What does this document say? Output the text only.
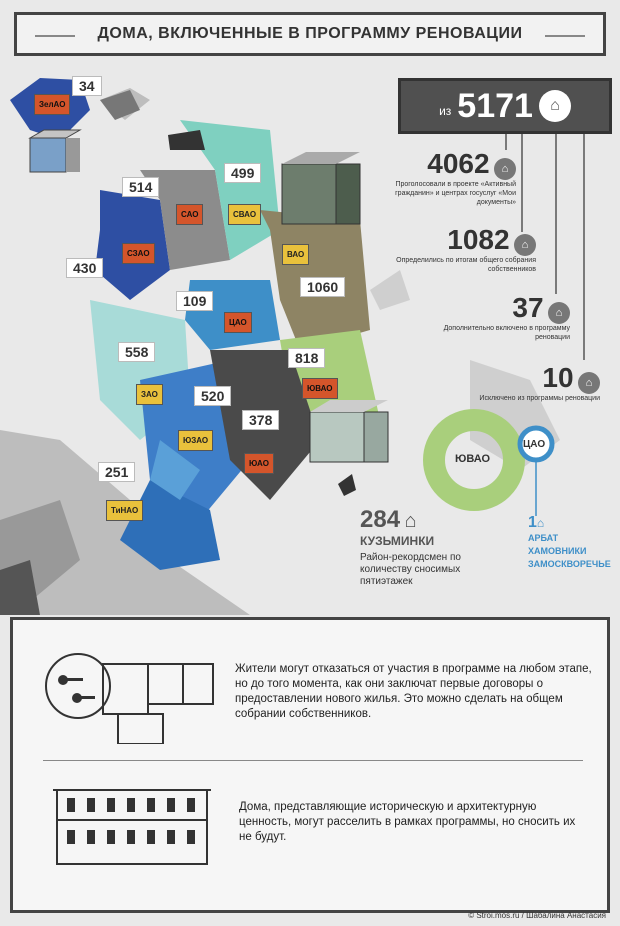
ДОМА, ВКЛЮЧЕННЫЕ В ПРОГРАММУ РЕНОВАЦИИ
34
514
499
430
1060
109
558	818
520
378
251
ЗелАО
САО	СВАО
СЗАО	ВАО
ЦАО
ЗАО
ЮВАО
ЮЗАО
ЮАО
ТиНАО
из 5171	⌂
4062 ⌂
Проголосовали в проекте «Активный гражданин» и центрах госуслуг «Мои документы»
1082 ⌂
Определились по итогам общего собрания собственников
37 ⌂
Дополнительно включено в программу реновации
10 ⌂
Исключено из программы реновации
ЮВАО
ЦАО
284 ⌂
КУЗЬМИНКИ
Район-рекордсмен по количеству сносимых пятиэтажек
1⌂
АРБАТ
ХАМОВНИКИ
ЗАМОСКВОРЕЧЬЕ
Жители могут отказаться от участия в программе на любом этапе, но до того момента, как они заключат первые договоры о предоставлении нового жилья. Это можно сделать на общем собрании собственников.
Дома, представляющие историческую и архитектурную ценность, могут расселить в рамках программы, но сносить их не будут.
© Stroi.mos.ru / Шабалина Анастасия
